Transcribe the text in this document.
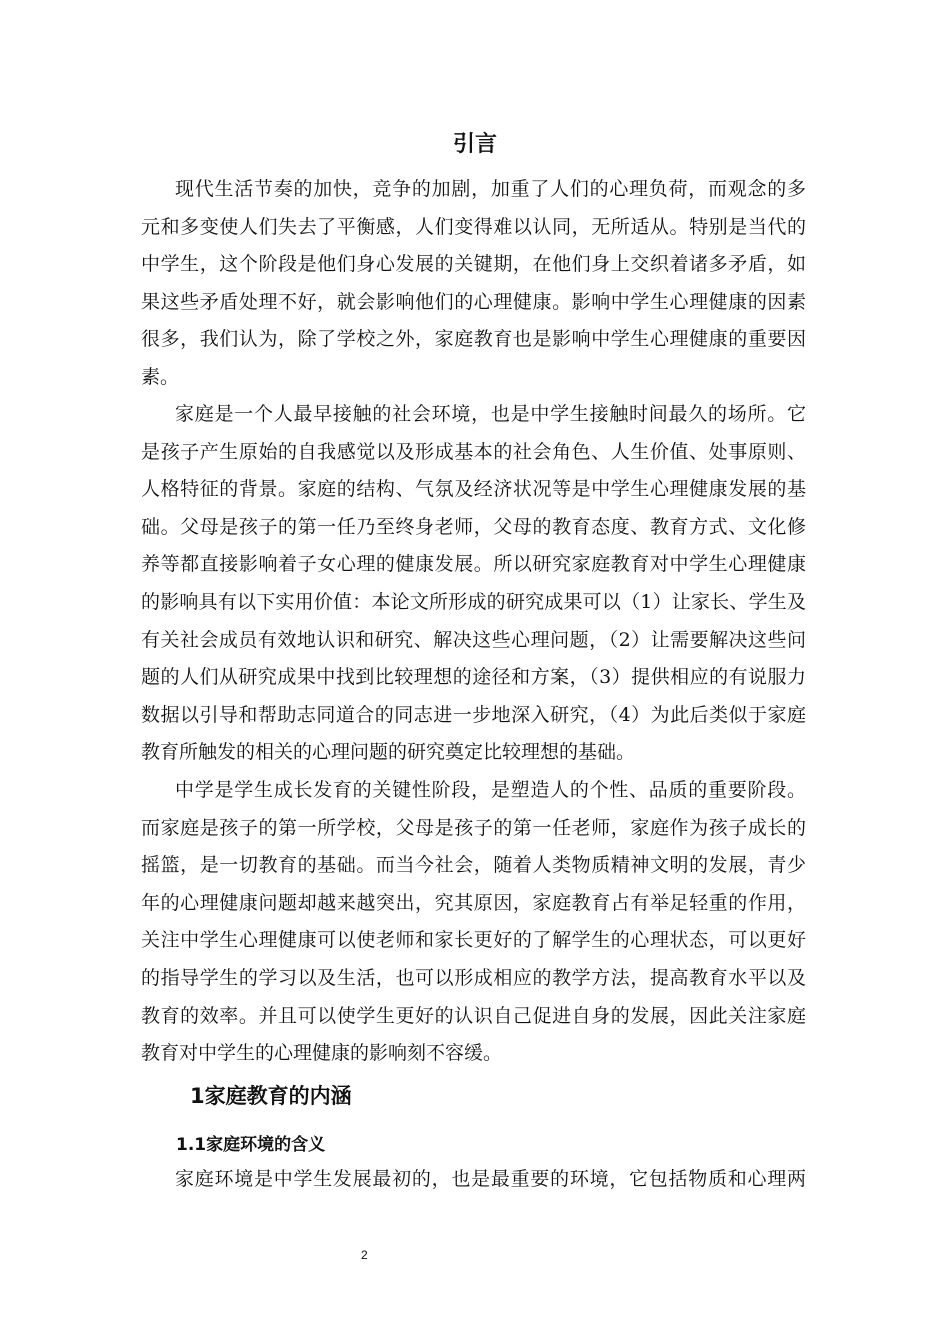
引言
现代生活节奏的加快，竞争的加剧，加重了人们的心理负荷，而观念的多
元和多变使人们失去了平衡感，人们变得难以认同，无所适从。特别是当代的
中学生，这个阶段是他们身心发展的关键期，在他们身上交织着诸多矛盾，如
果这些矛盾处理不好，就会影响他们的心理健康。影响中学生心理健康的因素
很多，我们认为，除了学校之外，家庭教育也是影响中学生心理健康的重要因
素。
家庭是一个人最早接触的社会环境，也是中学生接触时间最久的场所。它
是孩子产生原始的自我感觉以及形成基本的社会角色、人生价值、处事原则、
人格特征的背景。家庭的结构、气氛及经济状况等是中学生心理健康发展的基
础。父母是孩子的第一任乃至终身老师，父母的教育态度、教育方式、文化修
养等都直接影响着子女心理的健康发展。所以研究家庭教育对中学生心理健康
的影响具有以下实用价值：本论文所形成的研究成果可以（1）让家长、学生及
有关社会成员有效地认识和研究、解决这些心理问题，（2）让需要解决这些问
题的人们从研究成果中找到比较理想的途径和方案，（3）提供相应的有说服力
数据以引导和帮助志同道合的同志进一步地深入研究，（4）为此后类似于家庭
教育所触发的相关的心理问题的研究奠定比较理想的基础。
中学是学生成长发育的关键性阶段，是塑造人的个性、品质的重要阶段。
而家庭是孩子的第一所学校，父母是孩子的第一任老师，家庭作为孩子成长的
摇篮，是一切教育的基础。而当今社会，随着人类物质精神文明的发展，青少
年的心理健康问题却越来越突出，究其原因，家庭教育占有举足轻重的作用，
关注中学生心理健康可以使老师和家长更好的了解学生的心理状态，可以更好
的指导学生的学习以及生活，也可以形成相应的教学方法，提高教育水平以及
教育的效率。并且可以使学生更好的认识自己促进自身的发展，因此关注家庭
教育对中学生的心理健康的影响刻不容缓。
1家庭教育的内涵
1.1家庭环境的含义
家庭环境是中学生发展最初的，也是最重要的环境，它包括物质和心理两
2
